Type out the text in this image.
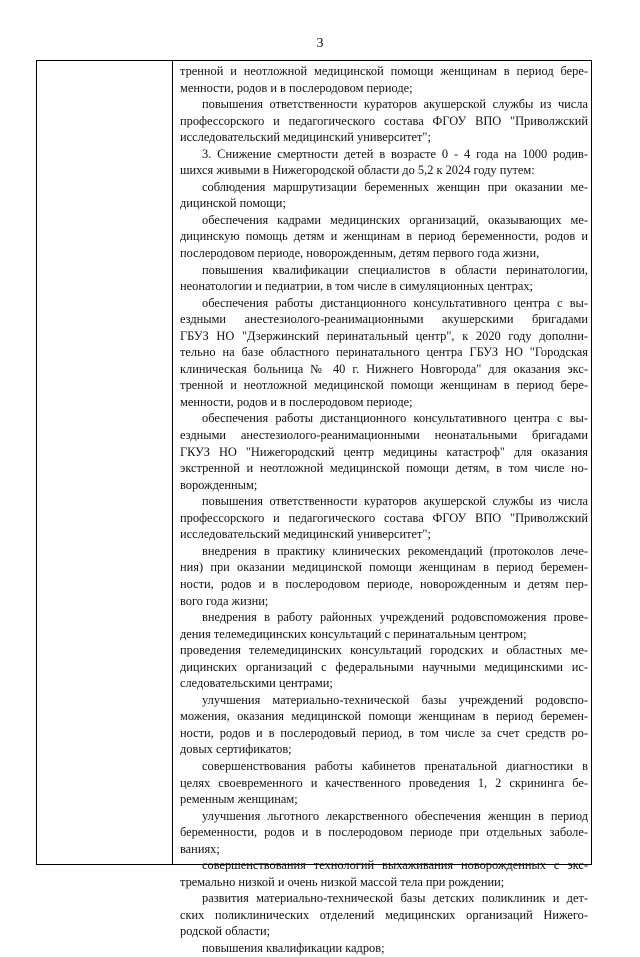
3
тренной и неотложной медицинской помощи женщинам в период бере-
менности, родов и в послеродовом периоде;
повышения ответственности кураторов акушерской службы из числа
профессорского и педагогического состава ФГОУ ВПО "Приволжский
исследовательский медицинский университет";
3. Снижение смертности детей в возрасте 0 - 4 года на 1000 родив-
шихся живыми в Нижегородской области до 5,2 к 2024 году путем:
соблюдения маршрутизации беременных женщин при оказании ме-
дицинской помощи;
обеспечения кадрами медицинских организаций, оказывающих ме-
дицинскую помощь детям и женщинам в период беременности, родов и
послеродовом периоде, новорожденным, детям первого года жизни,
повышения квалификации специалистов в области перинатологии,
неонатологии и педиатрии, в том числе в симуляционных центрах;
обеспечения работы дистанционного консультативного центра с вы-
ездными анестезиолого-реанимационными акушерскими бригадами
ГБУЗ НО "Дзержинский перинатальный центр", к 2020 году дополни-
тельно на базе областного перинатального центра ГБУЗ НО "Городская
клиническая больница № 40 г. Нижнего Новгорода" для оказания экс-
тренной и неотложной медицинской помощи женщинам в период бере-
менности, родов и в послеродовом периоде;
обеспечения работы дистанционного консультативного центра с вы-
ездными анестезиолого-реанимационными неонатальными бригадами
ГКУЗ НО "Нижегородский центр медицины катастроф" для оказания
экстренной и неотложной медицинской помощи детям, в том числе но-
ворожденным;
повышения ответственности кураторов акушерской службы из числа
профессорского и педагогического состава ФГОУ ВПО "Приволжский
исследовательский медицинский университет";
внедрения в практику клинических рекомендаций (протоколов лече-
ния) при оказании медицинской помощи женщинам в период беремен-
ности, родов и в послеродовом периоде, новорожденным и детям пер-
вого года жизни;
внедрения в работу районных учреждений родовспоможения прове-
дения телемедицинских консультаций с перинатальным центром;
проведения телемедицинских консультаций городских и областных ме-
дицинских организаций с федеральными научными медицинскими ис-
следовательскими центрами;
улучшения материально-технической базы учреждений родовспо-
можения, оказания медицинской помощи женщинам в период беремен-
ности, родов и в послеродовый период, в том числе за счет средств ро-
довых сертификатов;
совершенствования работы кабинетов пренатальной диагностики в
целях своевременного и качественного проведения 1, 2 скрининга бе-
ременным женщинам;
улучшения льготного лекарственного обеспечения женщин в период
беременности, родов и в послеродовом периоде при отдельных заболе-
ваниях;
совершенствования технологий выхаживания новорожденных с экс-
тремально низкой и очень низкой массой тела при рождении;
развития материально-технической базы детских поликлиник и дет-
ских поликлинических отделений медицинских организаций Нижего-
родской области;
повышения квалификации кадров;
